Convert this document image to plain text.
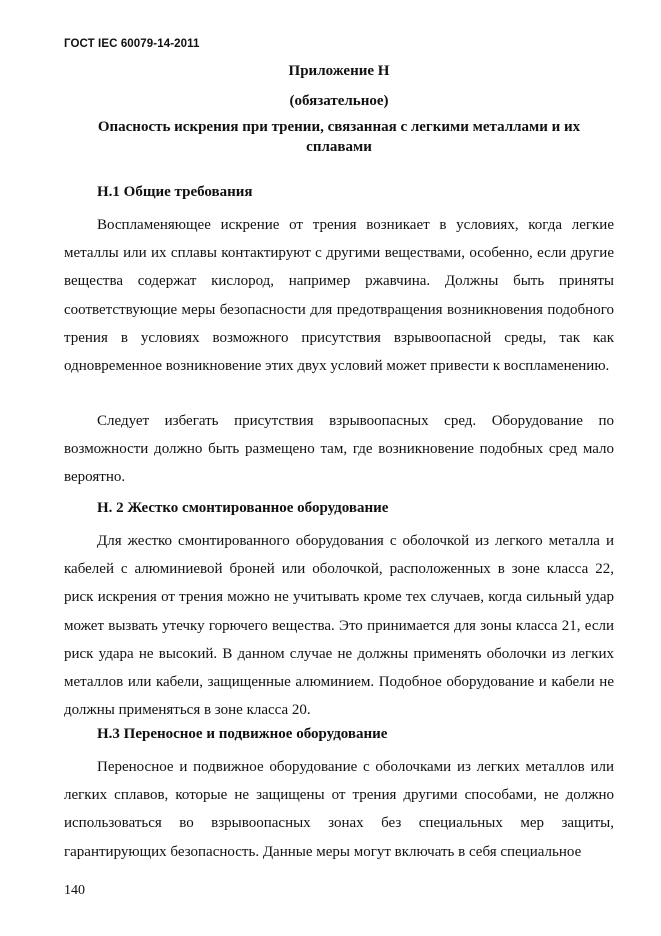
ГОСТ IEC 60079-14-2011
Приложение Н
(обязательное)
Опасность искрения при трении, связанная с легкими металлами и их сплавами
Н.1 Общие требования

Воспламеняющее искрение от трения возникает в условиях, когда легкие металлы или их сплавы контактируют с другими веществами, особенно, если другие вещества содержат кислород, например ржавчина. Должны быть приняты соответствующие меры безопасности для предотвращения возникновения подобного трения в условиях возможного присутствия взрывоопасной среды, так как одновременное возникновение этих двух условий может привести к воспламенению.

Следует избегать присутствия взрывоопасных сред. Оборудование по возможности должно быть размещено там, где возникновение подобных сред мало вероятно.

Н. 2 Жестко смонтированное оборудование

Для жестко смонтированного оборудования с оболочкой из легкого металла и кабелей с алюминиевой броней или оболочкой, расположенных в зоне класса 22, риск искрения от трения можно не учитывать кроме тех случаев, когда сильный удар может вызвать утечку горючего вещества. Это принимается для зоны класса 21, если риск удара не высокий. В данном случае не должны применять оболочки из легких металлов или кабели, защищенные алюминием. Подобное оборудование и кабели не должны применяться в зоне класса 20.

Н.3 Переносное и подвижное оборудование

Переносное и подвижное оборудование с оболочками из легких металлов или легких сплавов, которые не защищены от трения другими способами, не должно использоваться во взрывоопасных зонах без специальных мер защиты, гарантирующих безопасность. Данные меры могут включать в себя специальное

140
